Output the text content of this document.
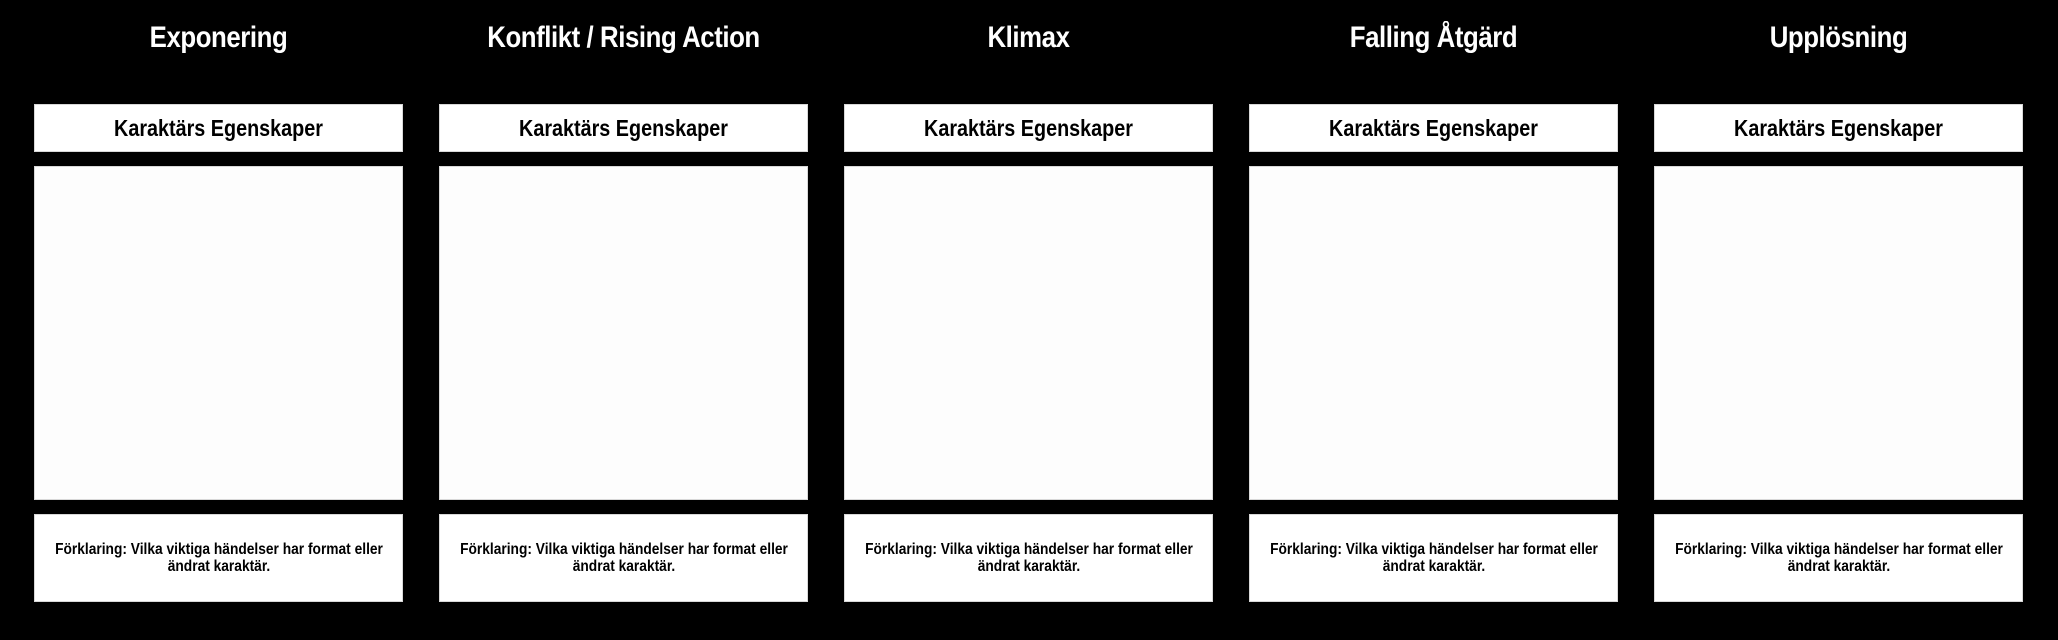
Exponering
Karaktärs Egenskaper
Förklaring: Vilka viktiga händelser har format eller ändrat karaktär.
Konflikt / Rising Action
Karaktärs Egenskaper
Förklaring: Vilka viktiga händelser har format eller ändrat karaktär.
Klimax
Karaktärs Egenskaper
Förklaring: Vilka viktiga händelser har format eller ändrat karaktär.
Falling Åtgärd
Karaktärs Egenskaper
Förklaring: Vilka viktiga händelser har format eller ändrat karaktär.
Upplösning
Karaktärs Egenskaper
Förklaring: Vilka viktiga händelser har format eller ändrat karaktär.
